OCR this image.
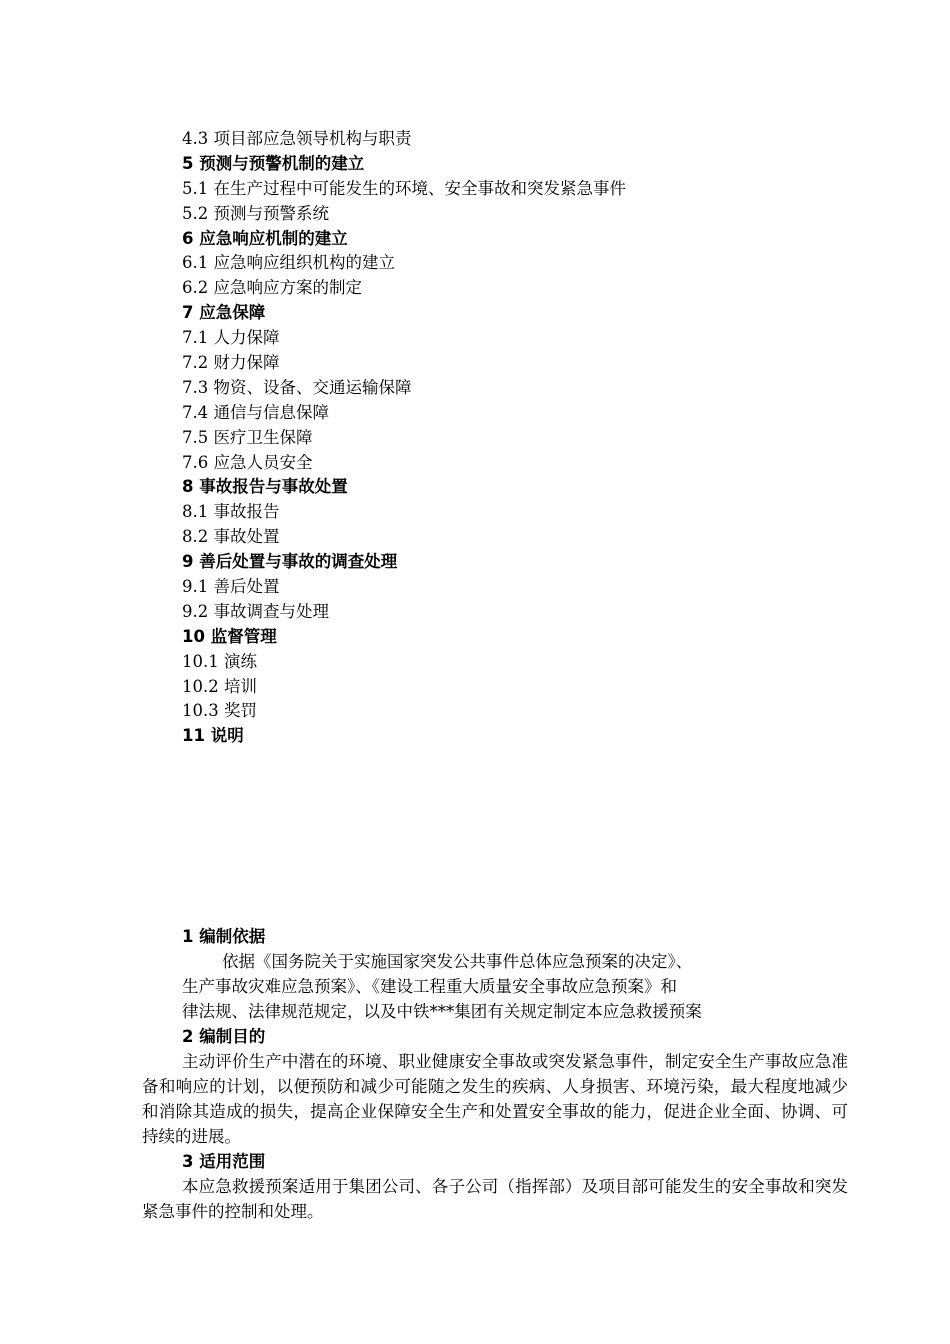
4.3 项目部应急领导机构与职责
5 预测与预警机制的建立
5.1 在生产过程中可能发生的环境、安全事故和突发紧急事件
5.2 预测与预警系统
6 应急响应机制的建立
6.1 应急响应组织机构的建立
6.2 应急响应方案的制定
7 应急保障
7.1 人力保障
7.2 财力保障
7.3 物资、设备、交通运输保障
7.4 通信与信息保障
7.5 医疗卫生保障
7.6 应急人员安全
8 事故报告与事故处置
8.1 事故报告
8.2 事故处置
9 善后处置与事故的调查处理
9.1 善后处置
9.2 事故调查与处理
10 监督管理
10.1 演练
10.2 培训
10.3 奖罚
11 说明
1 编制依据
依据《国务院关于实施国家突发公共事件总体应急预案的决定》、
生产事故灾难应急预案》、《建设工程重大质量安全事故应急预案》和
律法规、法律规范规定，以及中铁***集团有关规定制定本应急救援预案
2 编制目的
主动评价生产中潜在的环境、职业健康安全事故或突发紧急事件，制定安全生产事故应急准备和响应的计划，以便预防和减少可能随之发生的疾病、人身损害、环境污染，最大程度地减少和消除其造成的损失，提高企业保障安全生产和处置安全事故的能力，促进企业全面、协调、可持续的进展。
3 适用范围
本应急救援预案适用于集团公司、各子公司（指挥部）及项目部可能发生的安全事故和突发紧急事件的控制和处理。
